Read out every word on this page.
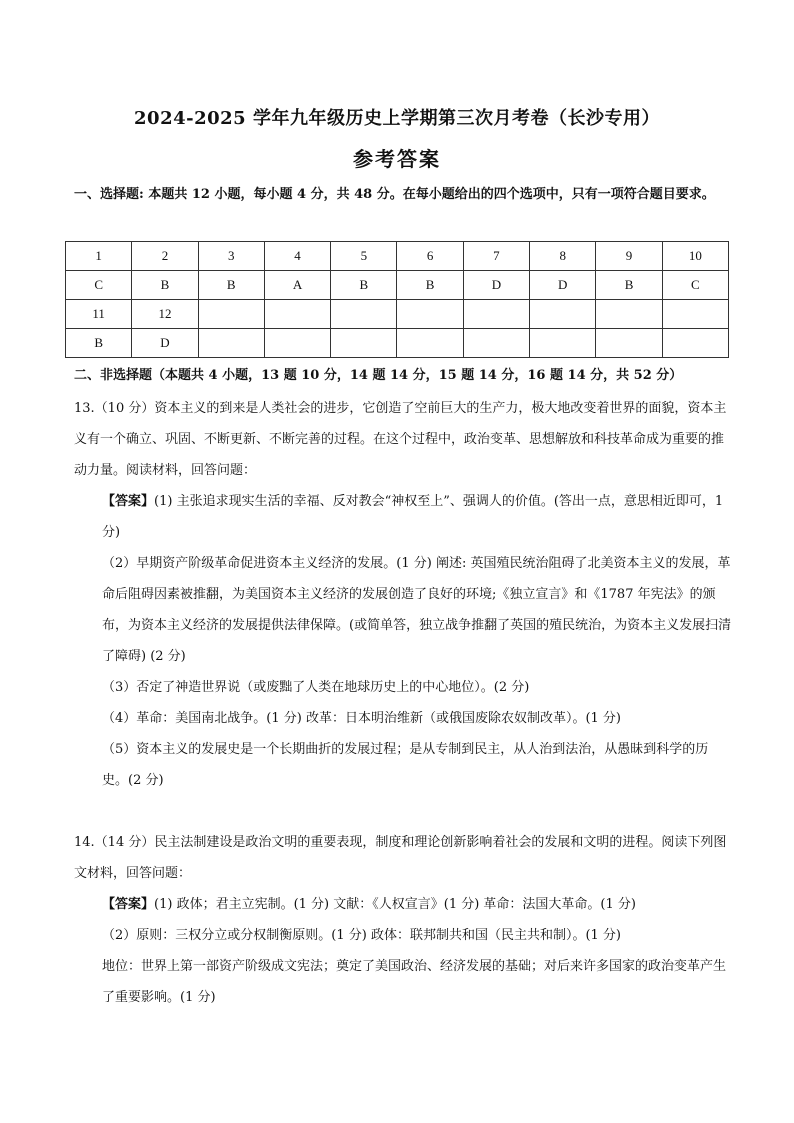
2024-2025 学年九年级历史上学期第三次月考卷（长沙专用）
参考答案
一、选择题: 本题共 12 小题，每小题 4 分，共 48 分。在每小题给出的四个选项中，只有一项符合题目要求。
1	2	3	4	5	6	7	8	9	10
C	B	B	A	B	B	D	D	B	C
11	12								
B	D								
二、非选择题（本题共 4 小题，13 题 10 分，14 题 14 分，15 题 14 分，16 题 14 分，共 52 分）

13.（10 分）资本主义的到来是人类社会的进步，它创造了空前巨大的生产力，极大地改变着世界的面貌，资本主义有一个确立、巩固、不断更新、不断完善的过程。在这个过程中，政治变革、思想解放和科技革命成为重要的推动力量。阅读材料，回答问题：

【答案】(1) 主张追求现实生活的幸福、反对教会“神权至上”、强调人的价值。(答出一点，意思相近即可，1 分)

（2）早期资产阶级革命促进资本主义经济的发展。(1 分) 阐述: 英国殖民统治阻碍了北美资本主义的发展，革命后阻碍因素被推翻，为美国资本主义经济的发展创造了良好的环境;《独立宣言》和《1787 年宪法》的颁布，为资本主义经济的发展提供法律保障。(或简单答，独立战争推翻了英国的殖民统治，为资本主义发展扫清了障碍) (2 分)

（3）否定了神造世界说（或废黜了人类在地球历史上的中心地位）。(2 分)

（4）革命：美国南北战争。(1 分) 改革：日本明治维新（或俄国废除农奴制改革）。(1 分)

（5）资本主义的发展史是一个长期曲折的发展过程；是从专制到民主，从人治到法治，从愚昧到科学的历史。(2 分)

14.（14 分）民主法制建设是政治文明的重要表现，制度和理论创新影响着社会的发展和文明的进程。阅读下列图文材料，回答问题：

【答案】(1) 政体；君主立宪制。(1 分) 文献：《人权宣言》(1 分) 革命：法国大革命。(1 分)

（2）原则：三权分立或分权制衡原则。(1 分) 政体：联邦制共和国（民主共和制）。(1 分)

地位：世界上第一部资产阶级成文宪法；奠定了美国政治、经济发展的基础；对后来许多国家的政治变革产生了重要影响。(1 分)
